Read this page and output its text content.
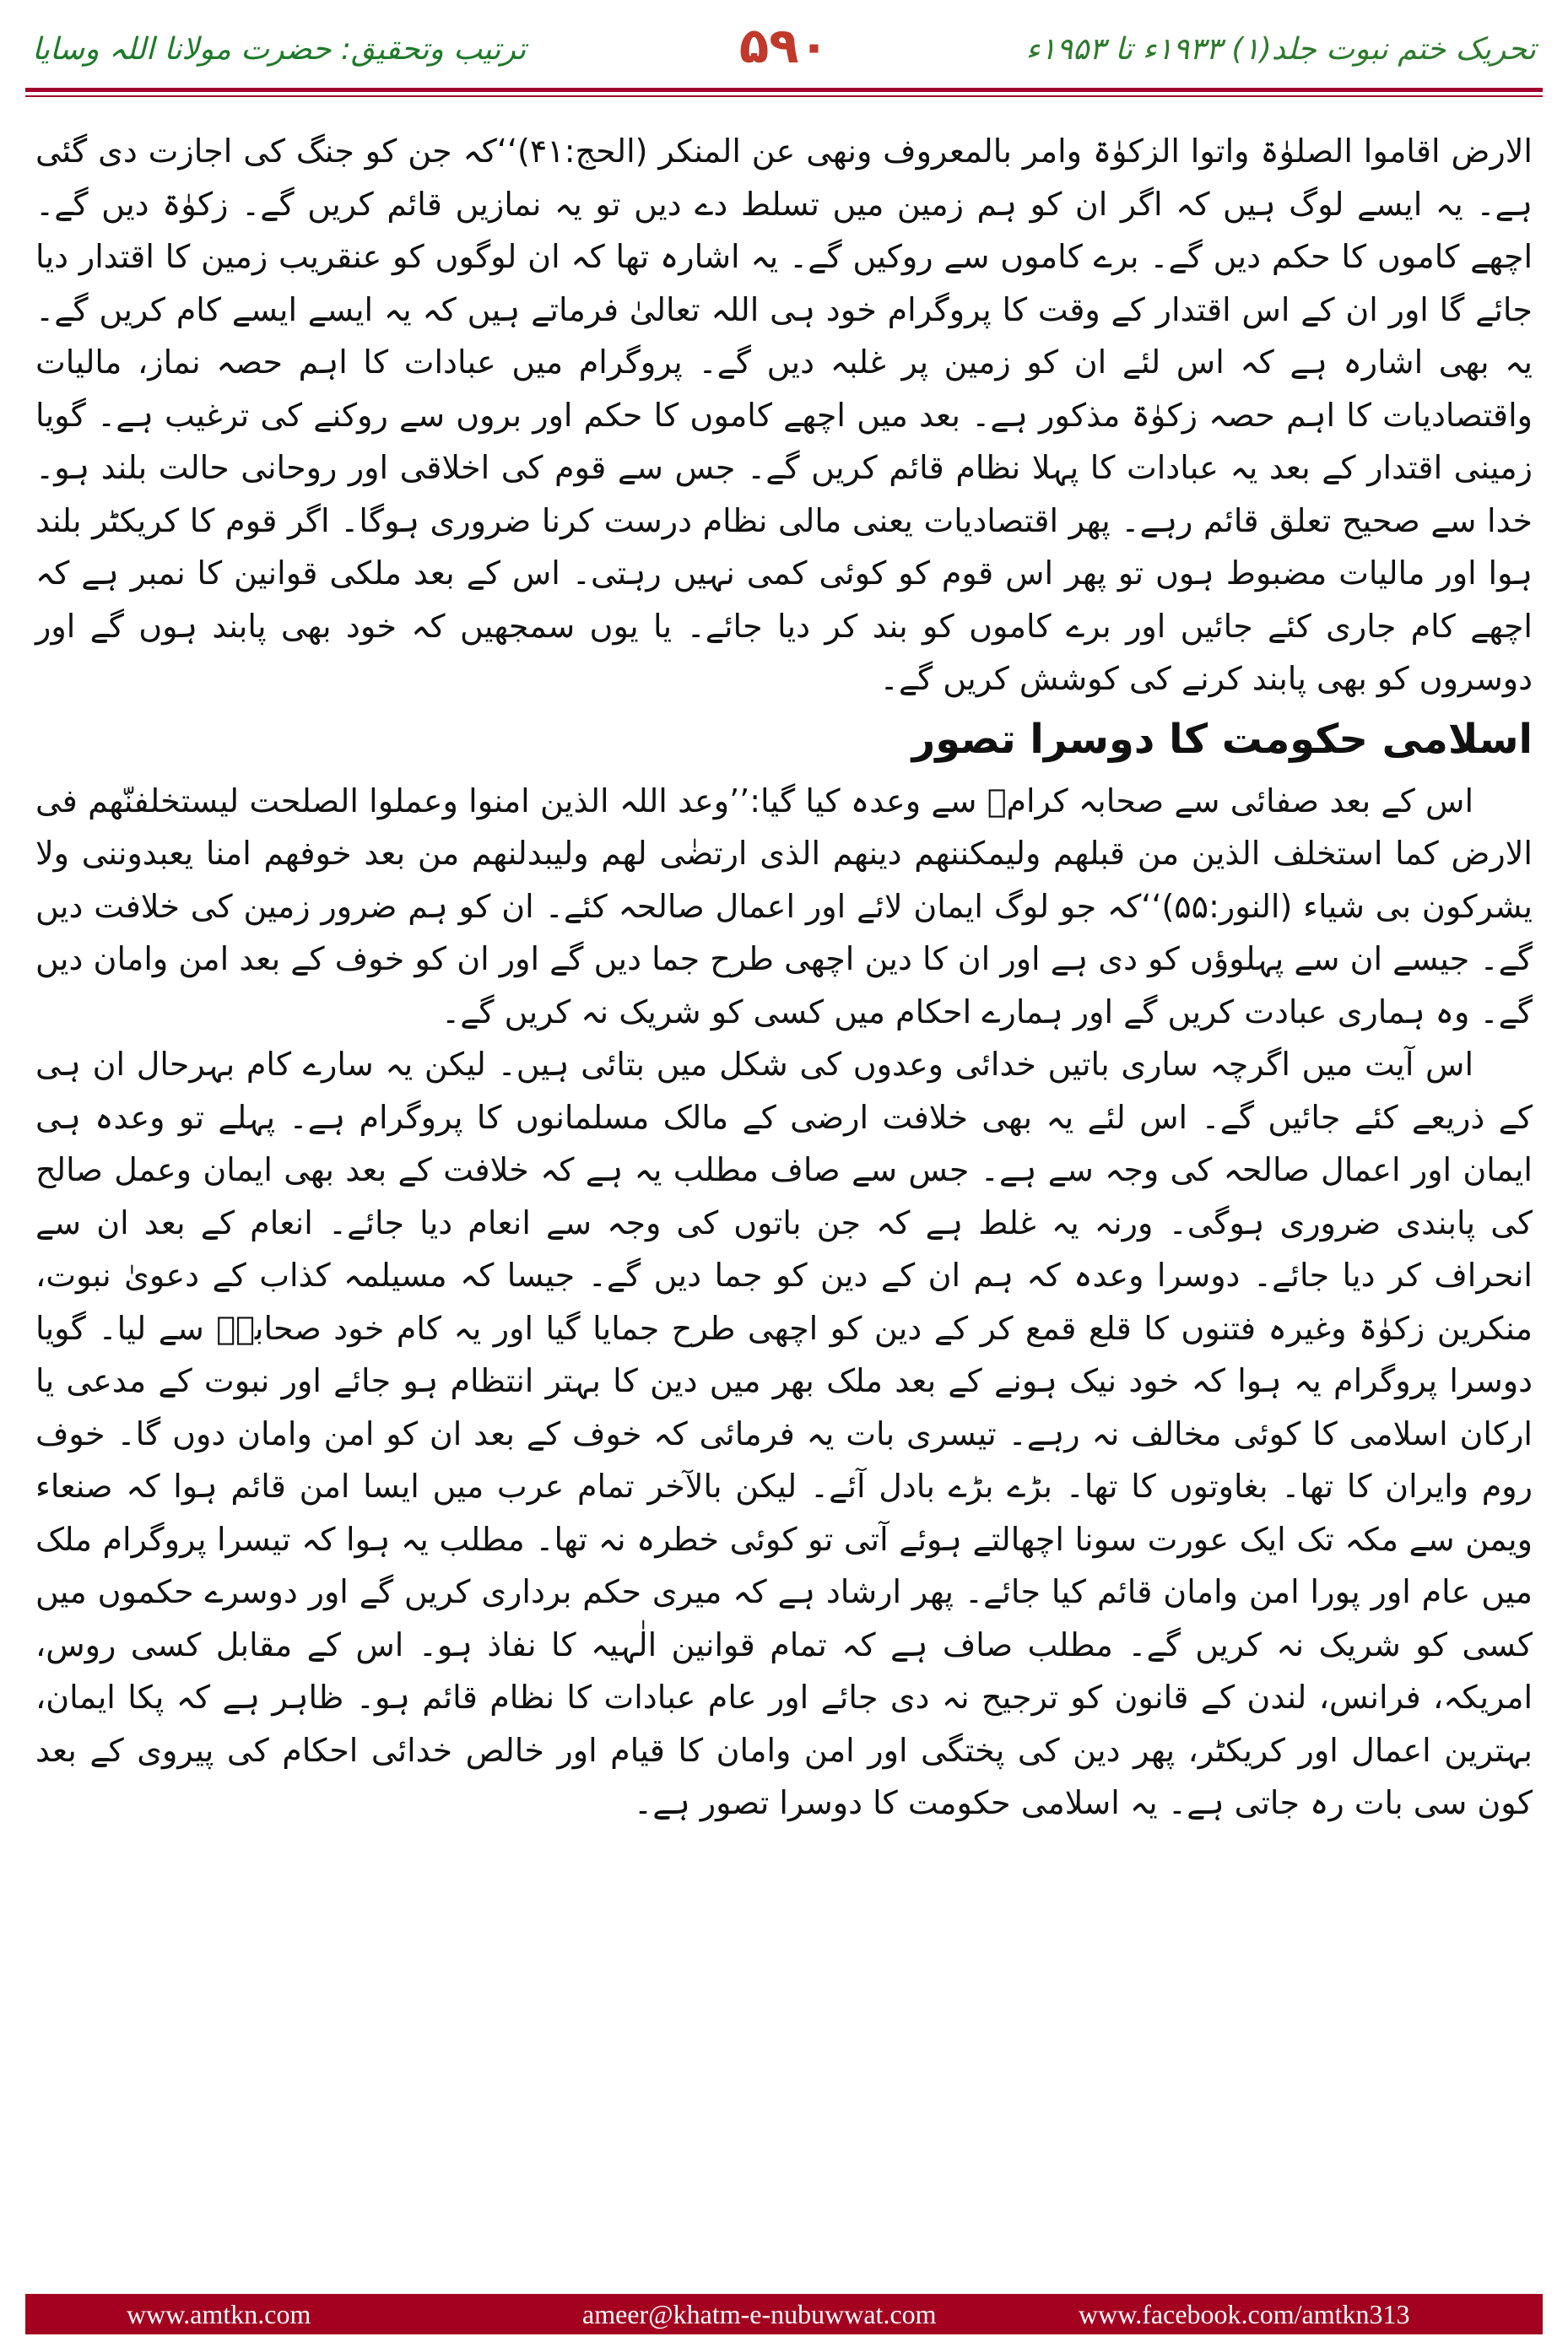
ترتیب وتحقیق: حضرت مولانا اللہ وسایا	۵۹۰	تحریک ختم نبوت جلد(۱) ۱۹۳۳ء تا ۱۹۵۳ء

الارض اقاموا الصلوٰۃ واتوا الزکوٰۃ وامر بالمعروف ونھی عن المنکر (الحج:۴۱)‘‘کہ جن کو جنگ کی اجازت دی گئی ہے۔ یہ ایسے لوگ ہیں کہ اگر ان کو ہم زمین میں تسلط دے دیں تو یہ نمازیں قائم کریں گے۔ زکوٰۃ دیں گے۔ اچھے کاموں کا حکم دیں گے۔ برے کاموں سے روکیں گے۔ یہ اشارہ تھا کہ ان لوگوں کو عنقریب زمین کا اقتدار دیا جائے گا اور ان کے اس اقتدار کے وقت کا پروگرام خود ہی اللہ تعالیٰ فرماتے ہیں کہ یہ ایسے ایسے کام کریں گے۔ یہ بھی اشارہ ہے کہ اس لئے ان کو زمین پر غلبہ دیں گے۔ پروگرام میں عبادات کا اہم حصہ نماز، مالیات واقتصادیات کا اہم حصہ زکوٰۃ مذکور ہے۔ بعد میں اچھے کاموں کا حکم اور بروں سے روکنے کی ترغیب ہے۔ گویا زمینی اقتدار کے بعد یہ عبادات کا پہلا نظام قائم کریں گے۔ جس سے قوم کی اخلاقی اور روحانی حالت بلند ہو۔ خدا سے صحیح تعلق قائم رہے۔ پھر اقتصادیات یعنی مالی نظام درست کرنا ضروری ہوگا۔ اگر قوم کا کریکٹر بلند ہوا اور مالیات مضبوط ہوں تو پھر اس قوم کو کوئی کمی نہیں رہتی۔ اس کے بعد ملکی قوانین کا نمبر ہے کہ اچھے کام جاری کئے جائیں اور برے کاموں کو بند کر دیا جائے۔ یا یوں سمجھیں کہ خود بھی پابند ہوں گے اور دوسروں کو بھی پابند کرنے کی کوشش کریں گے۔

اسلامی حکومت کا دوسرا تصور

اس کے بعد صفائی سے صحابہ کرامؓ سے وعدہ کیا گیا:’’وعد اللہ الذین امنوا وعملوا الصلحت لیستخلفنّھم فی الارض کما استخلف الذین من قبلھم ولیمکننھم دینھم الذی ارتضٰی لھم ولیبدلنھم من بعد خوفھم امنا یعبدوننی ولا یشرکون بی شیاء (النور:۵۵)‘‘کہ جو لوگ ایمان لائے اور اعمال صالحہ کئے۔ ان کو ہم ضرور زمین کی خلافت دیں گے۔ جیسے ان سے پہلوؤں کو دی ہے اور ان کا دین اچھی طرح جما دیں گے اور ان کو خوف کے بعد امن وامان دیں گے۔ وہ ہماری عبادت کریں گے اور ہمارے احکام میں کسی کو شریک نہ کریں گے۔

اس آیت میں اگرچہ ساری باتیں خدائی وعدوں کی شکل میں بتائی ہیں۔ لیکن یہ سارے کام بہرحال ان ہی کے ذریعے کئے جائیں گے۔ اس لئے یہ بھی خلافت ارضی کے مالک مسلمانوں کا پروگرام ہے۔ پہلے تو وعدہ ہی ایمان اور اعمال صالحہ کی وجہ سے ہے۔ جس سے صاف مطلب یہ ہے کہ خلافت کے بعد بھی ایمان وعمل صالح کی پابندی ضروری ہوگی۔ ورنہ یہ غلط ہے کہ جن باتوں کی وجہ سے انعام دیا جائے۔ انعام کے بعد ان سے انحراف کر دیا جائے۔ دوسرا وعدہ کہ ہم ان کے دین کو جما دیں گے۔ جیسا کہ مسیلمہ کذاب کے دعویٰ نبوت، منکرین زکوٰۃ وغیرہ فتنوں کا قلع قمع کر کے دین کو اچھی طرح جمایا گیا اور یہ کام خود صحابہؓ سے لیا۔ گویا دوسرا پروگرام یہ ہوا کہ خود نیک ہونے کے بعد ملک بھر میں دین کا بہتر انتظام ہو جائے اور نبوت کے مدعی یا ارکان اسلامی کا کوئی مخالف نہ رہے۔ تیسری بات یہ فرمائی کہ خوف کے بعد ان کو امن وامان دوں گا۔ خوف روم وایران کا تھا۔ بغاوتوں کا تھا۔ بڑے بڑے بادل آئے۔ لیکن بالآخر تمام عرب میں ایسا امن قائم ہوا کہ صنعاء ویمن سے مکہ تک ایک عورت سونا اچھالتے ہوئے آتی تو کوئی خطرہ نہ تھا۔ مطلب یہ ہوا کہ تیسرا پروگرام ملک میں عام اور پورا امن وامان قائم کیا جائے۔ پھر ارشاد ہے کہ میری حکم برداری کریں گے اور دوسرے حکموں میں کسی کو شریک نہ کریں گے۔ مطلب صاف ہے کہ تمام قوانین الٰہیہ کا نفاذ ہو۔ اس کے مقابل کسی روس، امریکہ، فرانس، لندن کے قانون کو ترجیح نہ دی جائے اور عام عبادات کا نظام قائم ہو۔ ظاہر ہے کہ پکا ایمان، بہترین اعمال اور کریکٹر، پھر دین کی پختگی اور امن وامان کا قیام اور خالص خدائی احکام کی پیروی کے بعد کون سی بات رہ جاتی ہے۔ یہ اسلامی حکومت کا دوسرا تصور ہے۔

www.amtkn.com	ameer@khatm-e-nubuwwat.com	www.facebook.com/amtkn313
